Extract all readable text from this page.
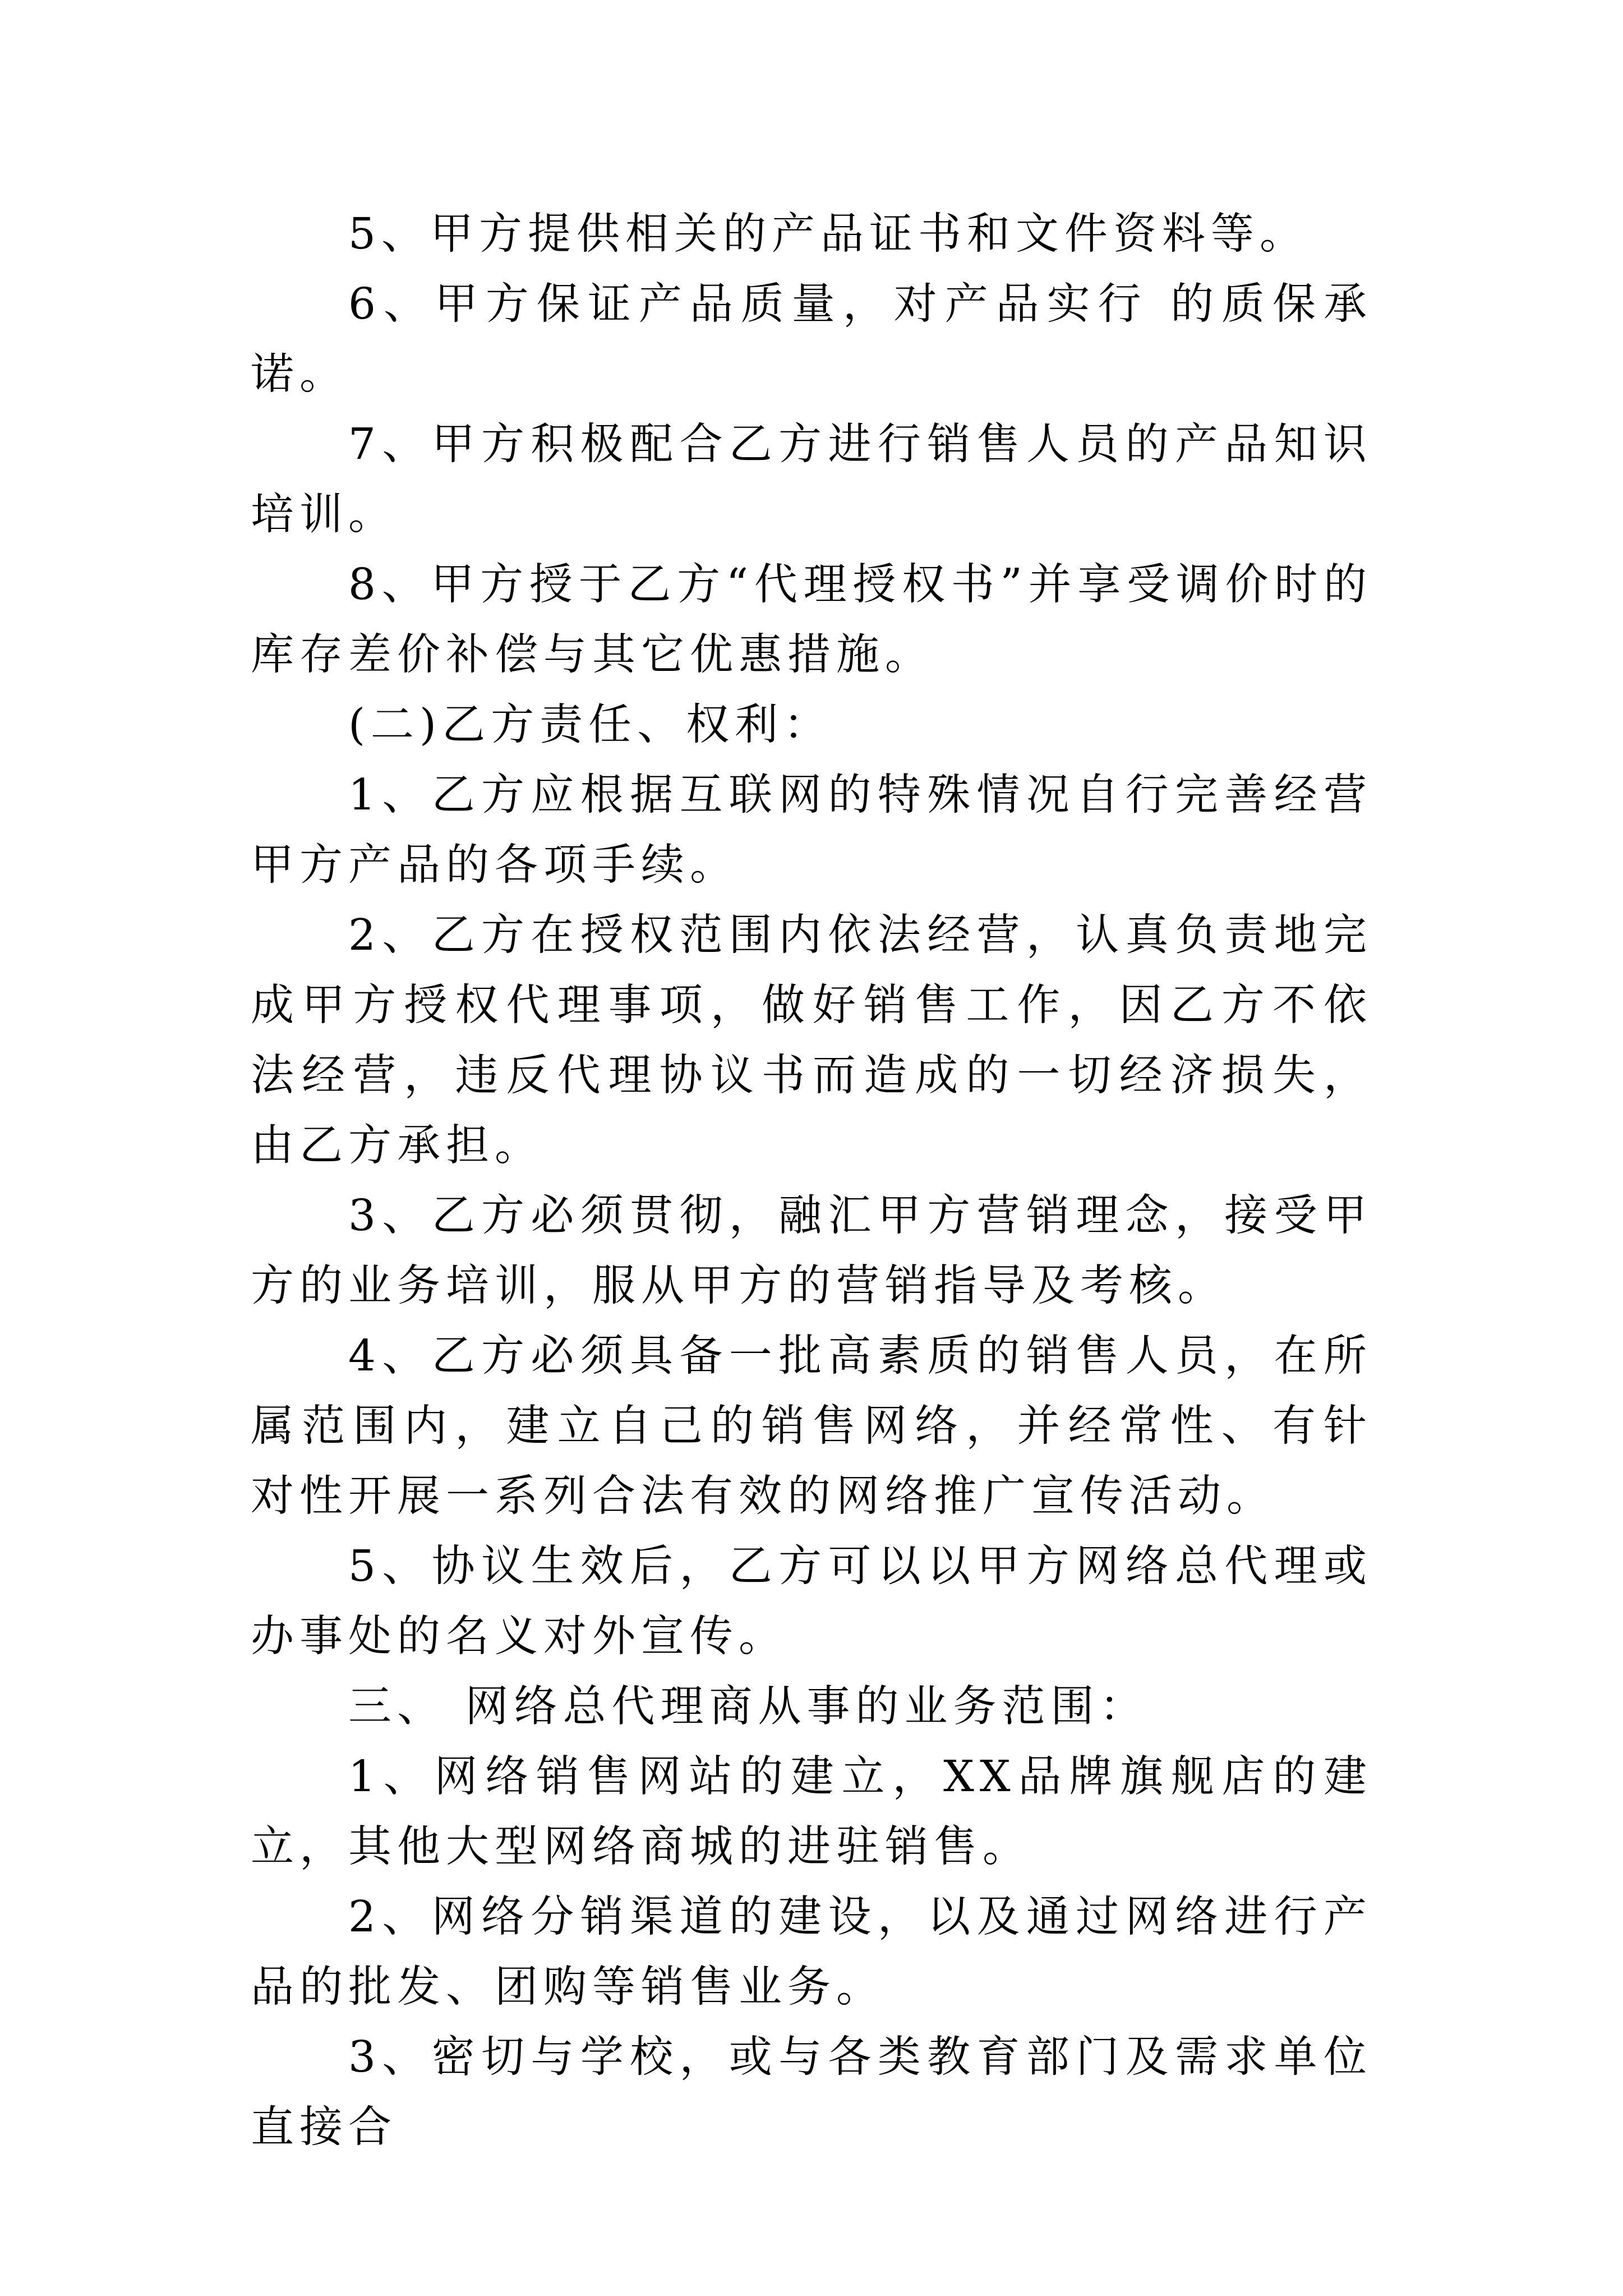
5、甲方提供相关的产品证书和文件资料等。

6、甲方保证产品质量，对产品实行 的质保承诺。

7、甲方积极配合乙方进行销售人员的产品知识培训。

8、甲方授于乙方“代理授权书”并享受调价时的库存差价补偿与其它优惠措施。

(二)乙方责任、权利：

1、乙方应根据互联网的特殊情况自行完善经营甲方产品的各项手续。

2、乙方在授权范围内依法经营，认真负责地完成甲方授权代理事项，做好销售工作，因乙方不依法经营，违反代理协议书而造成的一切经济损失，由乙方承担。

3、乙方必须贯彻，融汇甲方营销理念，接受甲方的业务培训，服从甲方的营销指导及考核。

4、乙方必须具备一批高素质的销售人员，在所属范围内，建立自己的销售网络，并经常性、有针对性开展一系列合法有效的网络推广宣传活动。

5、协议生效后，乙方可以以甲方网络总代理或办事处的名义对外宣传。

三、 网络总代理商从事的业务范围：

1、网络销售网站的建立，XX品牌旗舰店的建立，其他大型网络商城的进驻销售。

2、网络分销渠道的建设，以及通过网络进行产品的批发、团购等销售业务。

3、密切与学校，或与各类教育部门及需求单位直接合
